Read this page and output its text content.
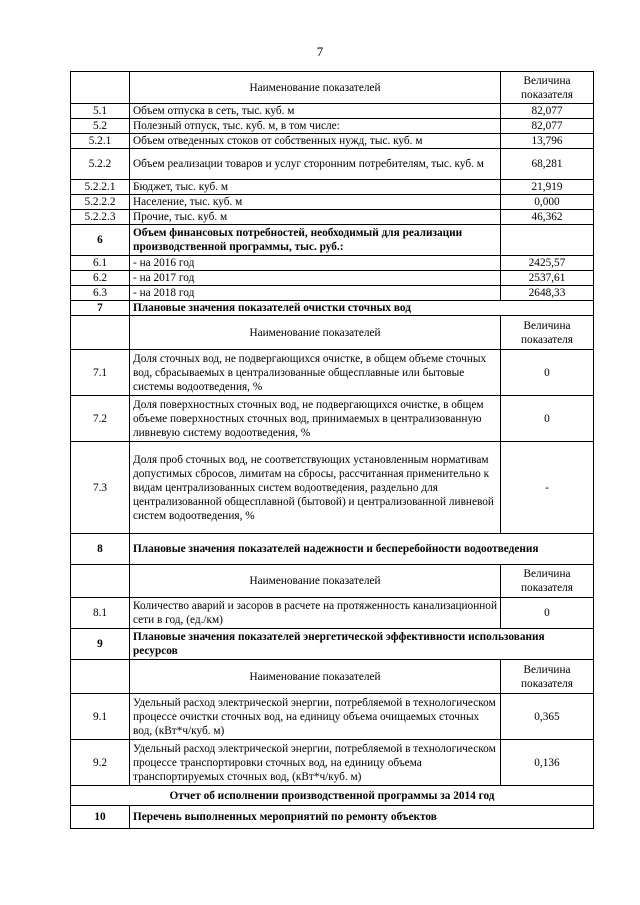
7
	Наименование показателей	Величина показателя
5.1	Объем отпуска в сеть, тыс. куб. м	82,077
5.2	Полезный отпуск, тыс. куб. м, в том числе:	82,077
5.2.1	Объем отведенных стоков от собственных нужд, тыс. куб. м	13,796
5.2.2	Объем реализации товаров и услуг сторонним потребителям, тыс. куб. м	68,281
5.2.2.1	Бюджет, тыс. куб. м	21,919
5.2.2.2	Население, тыс. куб. м	0,000
5.2.2.3	Прочие, тыс. куб. м	46,362
6	Объем финансовых потребностей, необходимый для реализации производственной программы, тыс. руб.:	
6.1	- на 2016 год	2425,57
6.2	- на 2017 год	2537,61
6.3	- на 2018 год	2648,33
7	Плановые значения показателей очистки сточных вод	
	Наименование показателей	Величина показателя
7.1	Доля сточных вод, не подвергающихся очистке, в общем объеме сточных вод, сбрасываемых в централизованные общесплавные или бытовые системы водоотведения, %	0
7.2	Доля поверхностных сточных вод, не подвергающихся очистке, в общем объеме поверхностных сточных вод, принимаемых в централизованную ливневую систему водоотведения, %	0
7.3	Доля проб сточных вод, не соответствующих установленным нормативам допустимых сбросов, лимитам на сбросы, рассчитанная применительно к видам централизованных систем водоотведения, раздельно для централизованной общесплавной (бытовой) и централизованной ливневой систем водоотведения, %	-
8	Плановые значения показателей надежности и бесперебойности водоотведения	
	Наименование показателей	Величина показателя
8.1	Количество аварий и засоров в расчете на протяженность канализационной сети в год, (ед./км)	0
9	Плановые значения показателей энергетической эффективности использования ресурсов	
	Наименование показателей	Величина показателя
9.1	Удельный расход электрической энергии, потребляемой в технологическом процессе очистки сточных вод, на единицу объема очищаемых сточных вод, (кВт*ч/куб. м)	0,365
9.2	Удельный расход электрической энергии, потребляемой в технологическом процессе транспортировки сточных вод, на единицу объема транспортируемых сточных вод, (кВт*ч/куб. м)	0,136
Отчет об исполнении производственной программы за 2014 год		
10	Перечень выполненных мероприятий по ремонту объектов	
